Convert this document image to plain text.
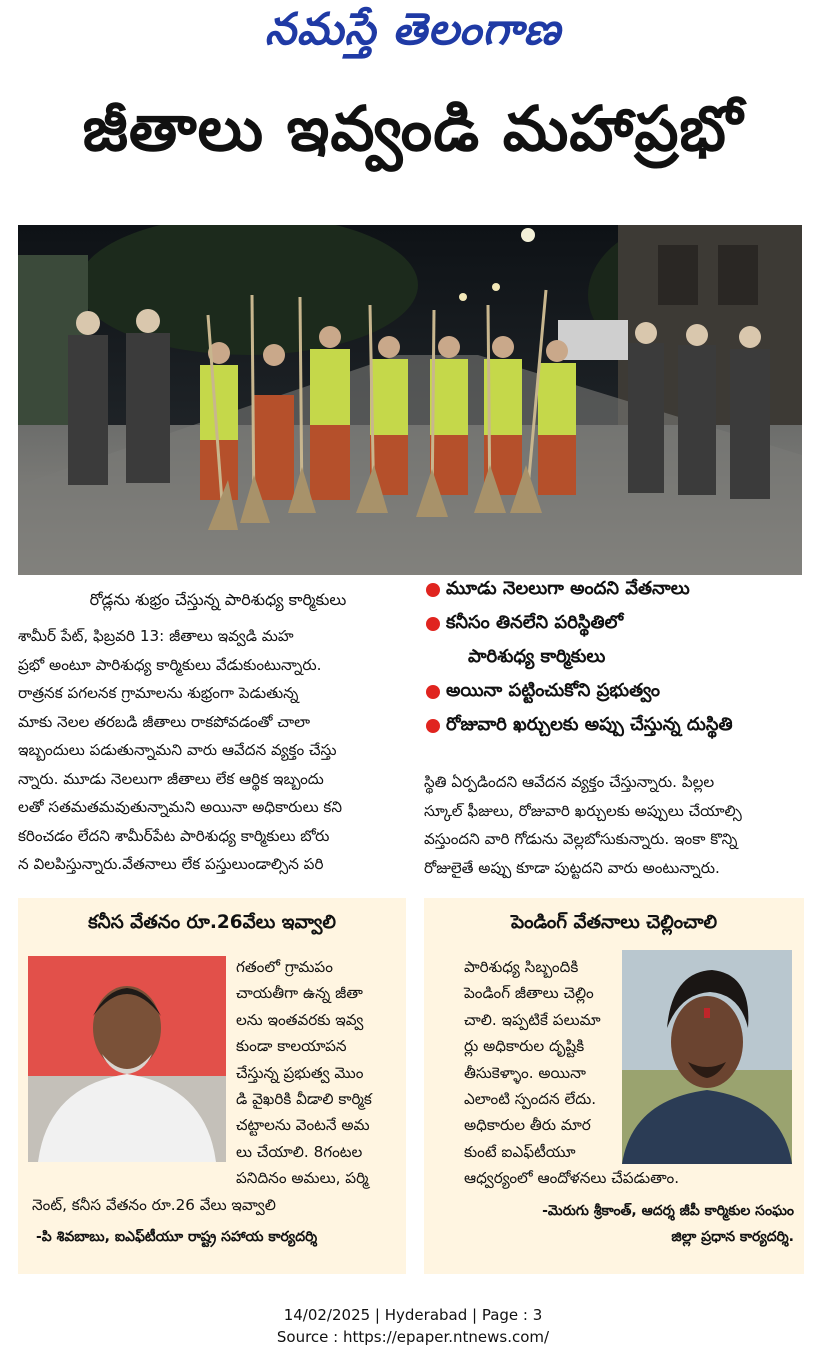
నమస్తే తెలంగాణ
జీతాలు ఇవ్వండి మహాప్రభో
రోడ్లను శుభ్రం చేస్తున్న పారిశుధ్య కార్మికులు
మూడు నెలలుగా అందని వేతనాలు
కనీసం తినలేని పరిస్థితిలో
పారిశుధ్య కార్మికులు
అయినా పట్టించుకోని ప్రభుత్వం
రోజువారి ఖర్చులకు అప్పు చేస్తున్న దుస్థితి

శామీర్ పేట్, ఫిబ్రవరి 13: జీతాలు ఇవ్వడి మహ

ప్రభో అంటూ పారిశుధ్య కార్మికులు వేడుకుంటున్నారు.

రాత్రనక పగలనక గ్రామాలను శుభ్రంగా పెడుతున్న

మాకు నెలల తరబడి జీతాలు రాకపోవడంతో చాలా

ఇబ్బందులు పడుతున్నామని వారు ఆవేదన వ్యక్తం చేస్తు

న్నారు. మూడు నెలలుగా జీతాలు లేక ఆర్థిక ఇబ్బందు

లతో సతమతమవుతున్నామని అయినా అధికారులు కని

కరించడం లేదని శామీర్‌పేట పారిశుధ్య కార్మికులు బోరు

న విలపిస్తున్నారు.వేతనాలు లేక పస్తులుండాల్సిన పరి

స్థితి ఏర్పడిందని ఆవేదన వ్యక్తం చేస్తున్నారు. పిల్లల

స్కూల్ ఫీజులు, రోజువారి ఖర్చులకు అప్పులు చేయాల్సి

వస్తుందని వారి గోడును వెల్లబోసుకున్నారు. ఇంకా కొన్ని

రోజులైతే అప్పు కూడా పుట్టదని వారు అంటున్నారు.

కనీస వేతనం రూ.26వేలు ఇవ్వాలి

గతంలో గ్రామపం

చాయతీగా ఉన్న జీతా

లను ఇంతవరకు ఇవ్వ

కుండా కాలయాపన

చేస్తున్న ప్రభుత్వ మొం

డి వైఖరికి వీడాలి కార్మిక

చట్టాలను వెంటనే అమ

లు చేయాలి. 8గంటల

పనిదినం అమలు, పర్మి
నెంట్, కనీస వేతనం రూ.26 వేలు ఇవ్వాలి
-పి శివబాబు, ఐఎఫ్‌టీయూ రాష్ట్ర సహాయ కార్యదర్శి
పెండింగ్ వేతనాలు చెల్లించాలి

పారిశుధ్య సిబ్బందికి

పెండింగ్ జీతాలు చెల్లిం

చాలి. ఇప్పటికే పలుమా

ర్లు అధికారుల దృష్టికి

తీసుకెళ్ళాం. అయినా

ఎలాంటి స్పందన లేదు.

అధికారుల తీరు మార

కుంటే ఐఎఫ్‌టీయూ

ఆధ్వర్యంలో ఆందోళనలు చేపడుతాం.
-మెరుగు శ్రీకాంత్, ఆదర్శ జీపీ కార్మికుల సంఘం
జిల్లా ప్రధాన కార్యదర్శి.
14/02/2025 | Hyderabad | Page : 3
Source : https://epaper.ntnews.com/
